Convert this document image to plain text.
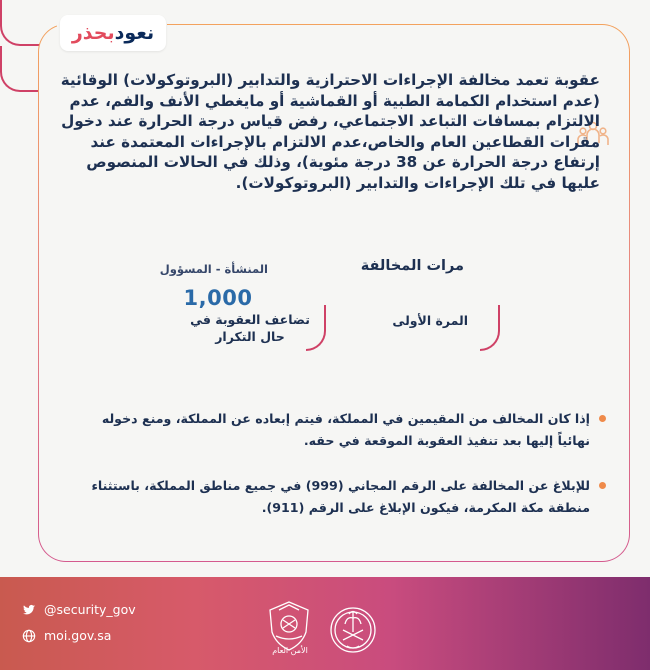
نعود
بحذر
عقوبة تعمد مخالفة الإجراءات الاحترازية والتدابير (البروتوكولات) الوقائية (عدم استخدام الكمامة الطبية أو القماشية أو مايغطي الأنف والفم، عدم الالتزام بمسافات التباعد الاجتماعي، رفض قياس درجة الحرارة عند دخول مقرات القطاعين العام والخاص،عدم الالتزام بالإجراءات المعتمدة عند إرتفاع درجة الحرارة عن 38 درجة مئوية)، وذلك في الحالات المنصوص عليها في تلك الإجراءات والتدابير (البروتوكولات).
مرات المخالفة
المنشأة - المسؤول
المرة الأولى
1,000
تضاعف العقوبة في حال التكرار
إذا كان المخالف من المقيمين في المملكة، فيتم إبعاده عن المملكة، ومنع دخوله نهائياً إليها بعد تنفيذ العقوبة الموقعة في حقه.
للإبلاغ عن المخالفة على الرقم المجاني (999) في جميع مناطق المملكة، باستثناء منطقة مكة المكرمة، فيكون الإبلاغ على الرقم (911).
@security_gov
moi.gov.sa
الأمن العام
